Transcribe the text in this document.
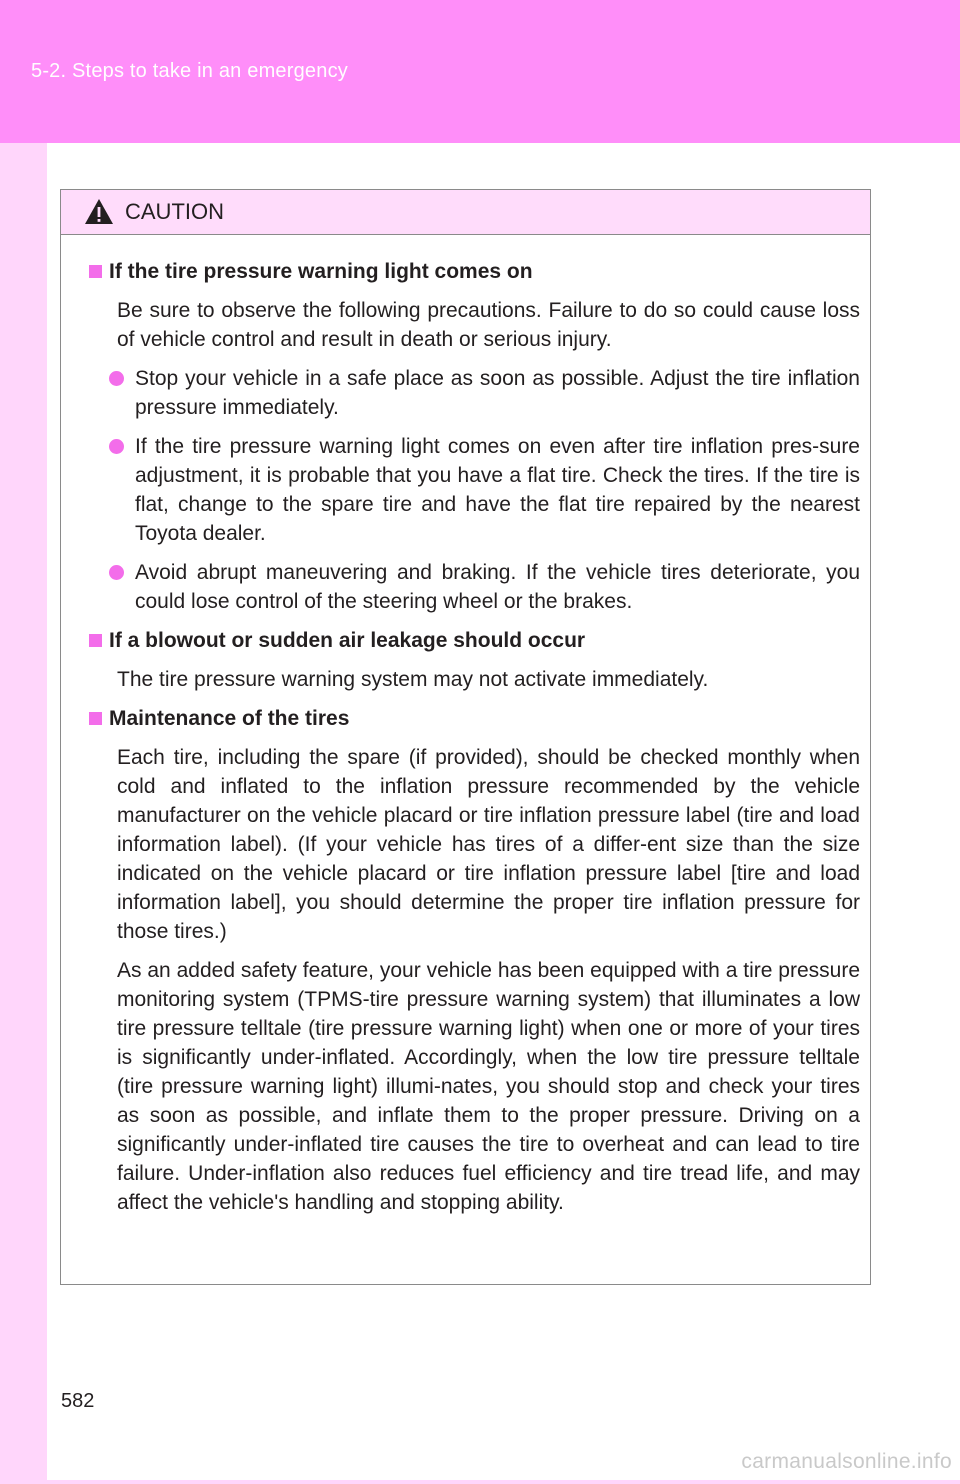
5-2. Steps to take in an emergency
CAUTION
If the tire pressure warning light comes on

Be sure to observe the following precautions. Failure to do so could cause loss of vehicle control and result in death or serious injury.

Stop your vehicle in a safe place as soon as possible. Adjust the tire inflation pressure immediately.
If the tire pressure warning light comes on even after tire inflation pres-sure adjustment, it is probable that you have a flat tire. Check the tires. If the tire is flat, change to the spare tire and have the flat tire repaired by the nearest Toyota dealer.
Avoid abrupt maneuvering and braking. If the vehicle tires deteriorate, you could lose control of the steering wheel or the brakes.
If a blowout or sudden air leakage should occur

The tire pressure warning system may not activate immediately.

Maintenance of the tires

Each tire, including the spare (if provided), should be checked monthly when cold and inflated to the inflation pressure recommended by the vehicle manufacturer on the vehicle placard or tire inflation pressure label (tire and load information label). (If your vehicle has tires of a differ-ent size than the size indicated on the vehicle placard or tire inflation pressure label [tire and load information label], you should determine the proper tire inflation pressure for those tires.)

As an added safety feature, your vehicle has been equipped with a tire pressure monitoring system (TPMS-tire pressure warning system) that illuminates a low tire pressure telltale (tire pressure warning light) when one or more of your tires is significantly under-inflated. Accordingly, when the low tire pressure telltale (tire pressure warning light) illumi-nates, you should stop and check your tires as soon as possible, and inflate them to the proper pressure. Driving on a significantly under-inflated tire causes the tire to overheat and can lead to tire failure. Under-inflation also reduces fuel efficiency and tire tread life, and may affect the vehicle's handling and stopping ability.

582
carmanualsonline.info
